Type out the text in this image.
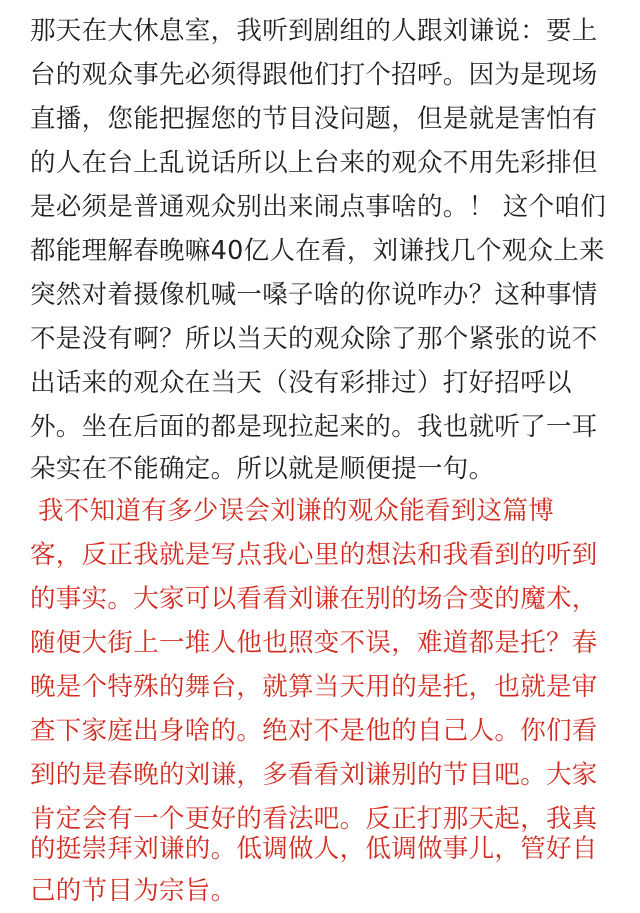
那天在大休息室，我听到剧组的人跟刘谦说：要上
台的观众事先必须得跟他们打个招呼。因为是现场
直播，您能把握您的节目没问题，但是就是害怕有
的人在台上乱说话所以上台来的观众不用先彩排但
是必须是普通观众别出来闹点事啥的。！ 这个咱们
都能理解春晚嘛40亿人在看，刘谦找几个观众上来
突然对着摄像机喊一嗓子啥的你说咋办？这种事情
不是没有啊？所以当天的观众除了那个紧张的说不
出话来的观众在当天（没有彩排过）打好招呼以
外。坐在后面的都是现拉起来的。我也就听了一耳
朵实在不能确定。所以就是顺便提一句。
我不知道有多少误会刘谦的观众能看到这篇博
客，反正我就是写点我心里的想法和我看到的听到
的事实。大家可以看看刘谦在别的场合变的魔术，
随便大街上一堆人他也照变不误，难道都是托？春
晚是个特殊的舞台，就算当天用的是托，也就是审
查下家庭出身啥的。绝对不是他的自己人。你们看
到的是春晚的刘谦，多看看刘谦别的节目吧。大家
肯定会有一个更好的看法吧。反正打那天起，我真
的挺崇拜刘谦的。低调做人，低调做事儿，管好自
己的节目为宗旨。
